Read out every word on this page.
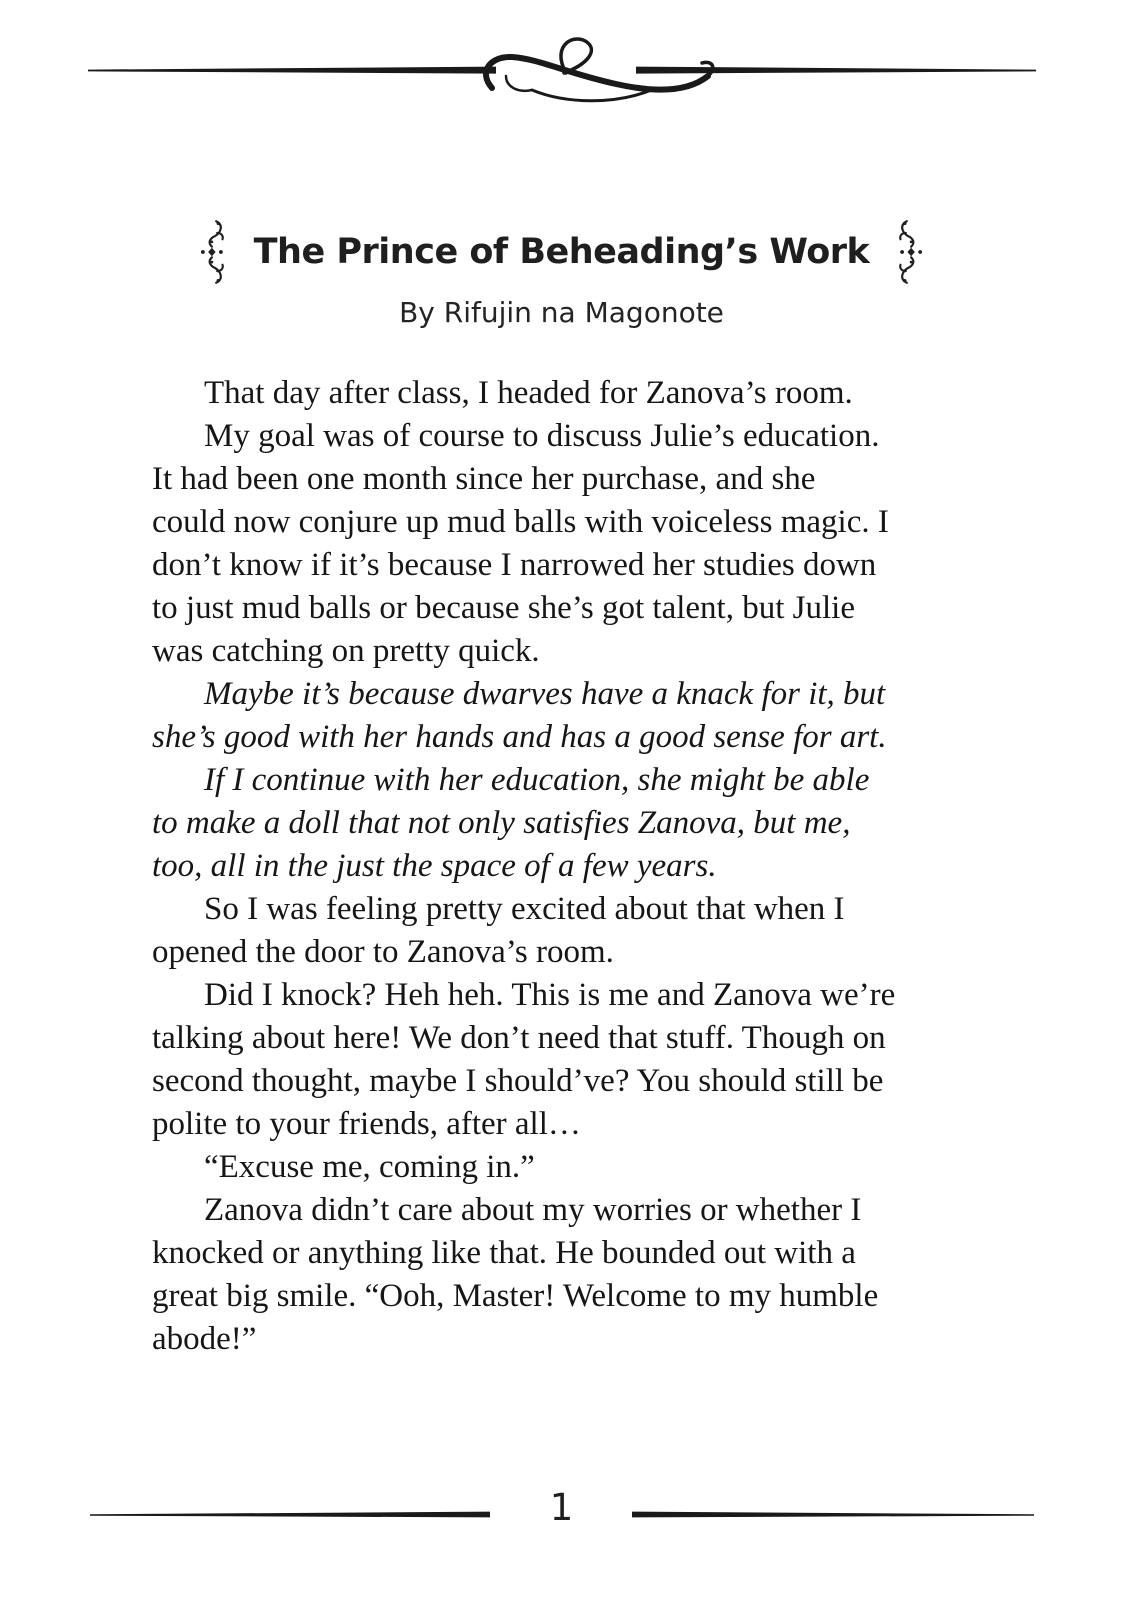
The Prince of Beheading’s Work
By Rifujin na Magonote
That day after class, I headed for Zanova’s room.
My goal was of course to discuss Julie’s education.
It had been one month since her purchase, and she
could now conjure up mud balls with voiceless magic. I
don’t know if it’s because I narrowed her studies down
to just mud balls or because she’s got talent, but Julie
was catching on pretty quick.
Maybe it’s because dwarves have a knack for it, but
she’s good with her hands and has a good sense for art.
If I continue with her education, she might be able
to make a doll that not only satisfies Zanova, but me,
too, all in the just the space of a few years.
So I was feeling pretty excited about that when I
opened the door to Zanova’s room.
Did I knock? Heh heh. This is me and Zanova we’re
talking about here! We don’t need that stuff. Though on
second thought, maybe I should’ve? You should still be
polite to your friends, after all…
“Excuse me, coming in.”
Zanova didn’t care about my worries or whether I
knocked or anything like that. He bounded out with a
great big smile. “Ooh, Master! Welcome to my humble
abode!”
1
